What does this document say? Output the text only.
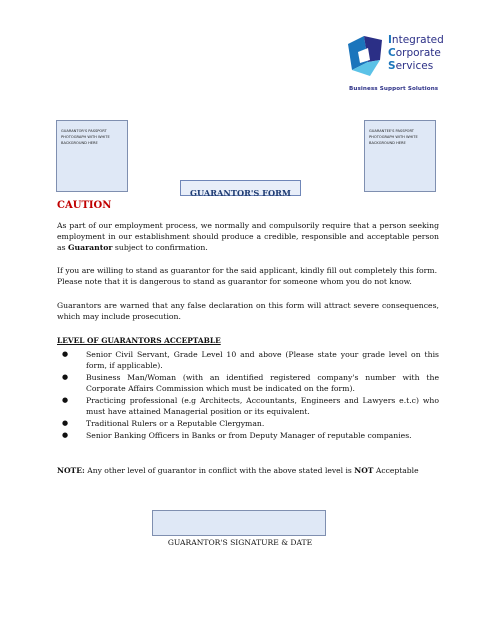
Integrated
Corporate
Services
Business Support Solutions
GUARANTOR'S PASSPORT PHOTOGRAPH WITH WHITE BACKGROUND HERE
GUARANTEE'S PASSPORT PHOTOGRAPH WITH WHITE BACKGROUND HERE
GUARANTOR'S FORM
CAUTION
As part of our employment process, we normally and compulsorily require that a person seeking employment in our establishment should produce a credible, responsible and acceptable person as Guarantor subject to confirmation.
If you are willing to stand as guarantor for the said applicant, kindly fill out completely this form.
Please note that it is dangerous to stand as guarantor for someone whom you do not know.
Guarantors are warned that any false declaration on this form will attract severe consequences, which may include prosecution.
LEVEL OF GUARANTORS ACCEPTABLE
● Senior Civil Servant, Grade Level 10 and above (Please state your grade level on this form, if applicable).
● Business Man/Woman (with an identified registered company's number with the Corporate Affairs Commission which must be indicated on the form).
● Practicing professional (e.g Architects, Accountants, Engineers and Lawyers e.t.c) who must have attained Managerial position or its equivalent.
● Traditional Rulers or a Reputable Clergyman.
● Senior Banking Officers in Banks or from Deputy Manager of reputable companies.
NOTE: Any other level of guarantor in conflict with the above stated level is NOT Acceptable
GUARANTOR'S SIGNATURE & DATE
